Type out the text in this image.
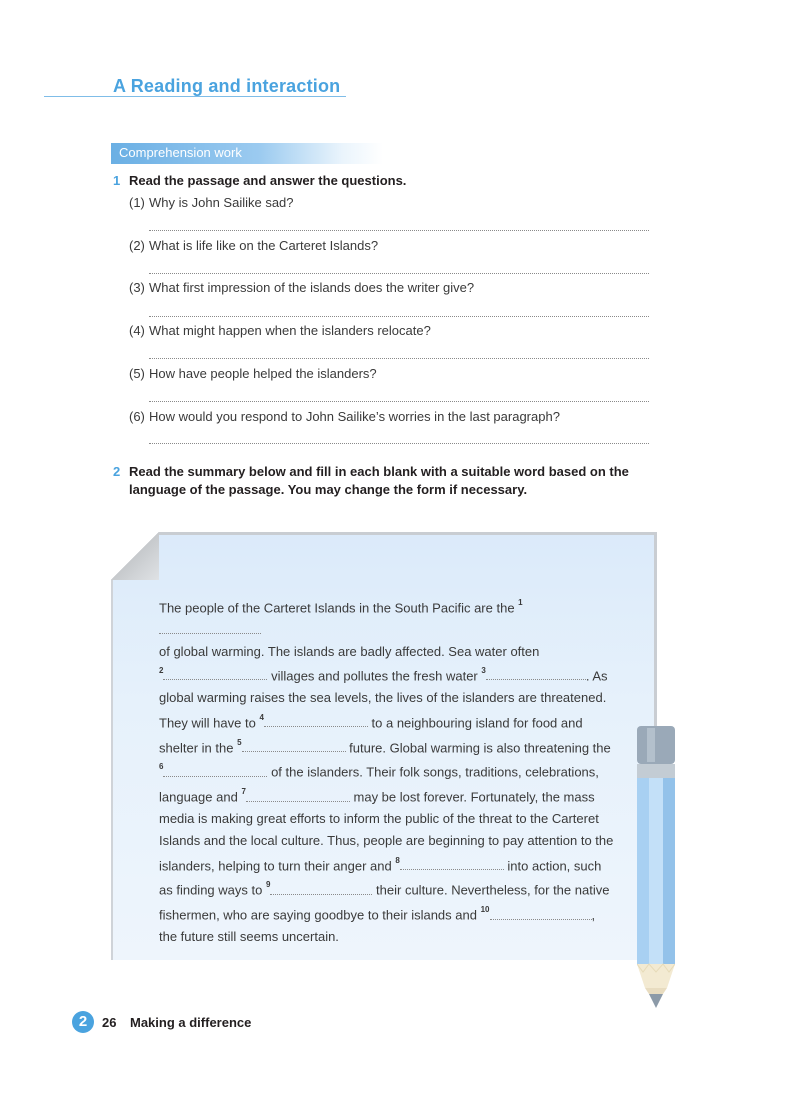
A Reading and interaction
Comprehension work
1 Read the passage and answer the questions.
(1) Why is John Sailike sad?
(2) What is life like on the Carteret Islands?
(3) What first impression of the islands does the writer give?
(4) What might happen when the islanders relocate?
(5) How have people helped the islanders?
(6) How would you respond to John Sailike’s worries in the last paragraph?
2 Read the summary below and fill in each blank with a suitable word based on the
language of the passage. You may change the form if necessary.
The people of the Carteret Islands in the South Pacific are the $^1$
of global warming. The islands are badly affected. Sea water often
$^2$	villages and pollutes the fresh water $^3$	. As
global warming raises the sea levels, the lives of the islanders are threatened.
They will have to $^4$	to a neighbouring island for food and
shelter in the $^5$	future. Global warming is also threatening the
$^6$	of the islanders. Their folk songs, traditions, celebrations,
language and $^7$	may be lost forever. Fortunately, the mass
media is making great efforts to inform the public of the threat to the Carteret
Islands and the local culture. Thus, people are beginning to pay attention to the
islanders, helping to turn their anger and $^8$	into action, such
as finding ways to $^9$	their culture. Nevertheless, for the native
fishermen, who are saying goodbye to their islands and $^{10}$	,
the future still seems uncertain.
2	26 Making a difference
